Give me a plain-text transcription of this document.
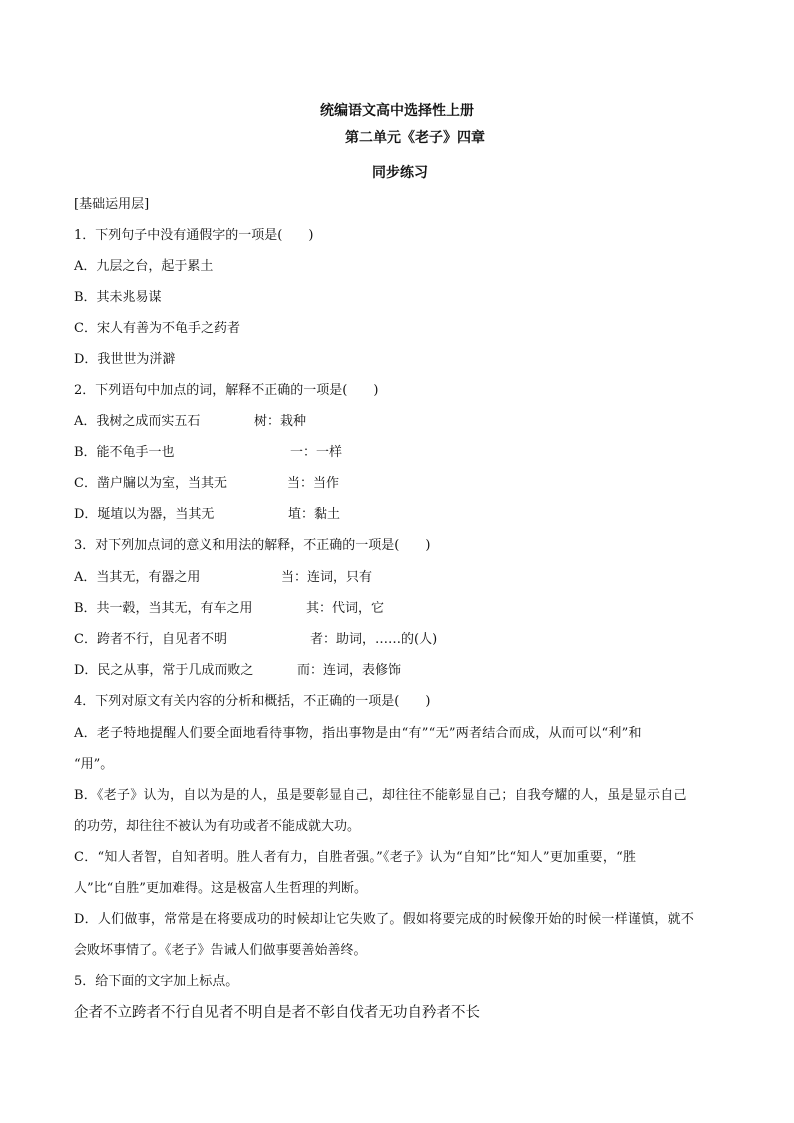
统编语文高中选择性上册
第二单元《老子》四章
同步练习
[基础运用层]
1．下列句子中没有通假字的一项是( )
A．九层之台，起于累土
B．其未兆易谋
C．宋人有善为不龟手之药者
D．我世世为洴澼
2．下列语句中加点的词，解释不正确的一项是( )
A．我树之成而实五石	树：栽种
B．能不龟手一也	一：一样
C．凿户牖以为室，当其无	当：当作
D．埏埴以为器，当其无	埴：黏土
3．对下列加点词的意义和用法的解释，不正确的一项是( )
A．当其无，有器之用	当：连词，只有
B．共一毂，当其无，有车之用	其：代词，它
C．跨者不行，自见者不明	者：助词，……的(人)
D．民之从事，常于几成而败之	而：连词，表修饰
4．下列对原文有关内容的分析和概括，不正确的一项是( )
A．老子特地提醒人们要全面地看待事物，指出事物是由“有”“无”两者结合而成，从而可以“利”和
“用”。
B．《老子》认为，自以为是的人，虽是要彰显自己，却往往不能彰显自己；自我夸耀的人，虽是显示自己
的功劳，却往往不被认为有功或者不能成就大功。
C．“知人者智，自知者明。胜人者有力，自胜者强。”《老子》认为“自知”比“知人”更加重要，“胜
人”比“自胜”更加难得。这是极富人生哲理的判断。
D．人们做事，常常是在将要成功的时候却让它失败了。假如将要完成的时候像开始的时候一样谨慎，就不
会败坏事情了。《老子》告诫人们做事要善始善终。
5．给下面的文字加上标点。
企者不立跨者不行自见者不明自是者不彰自伐者无功自矜者不长
